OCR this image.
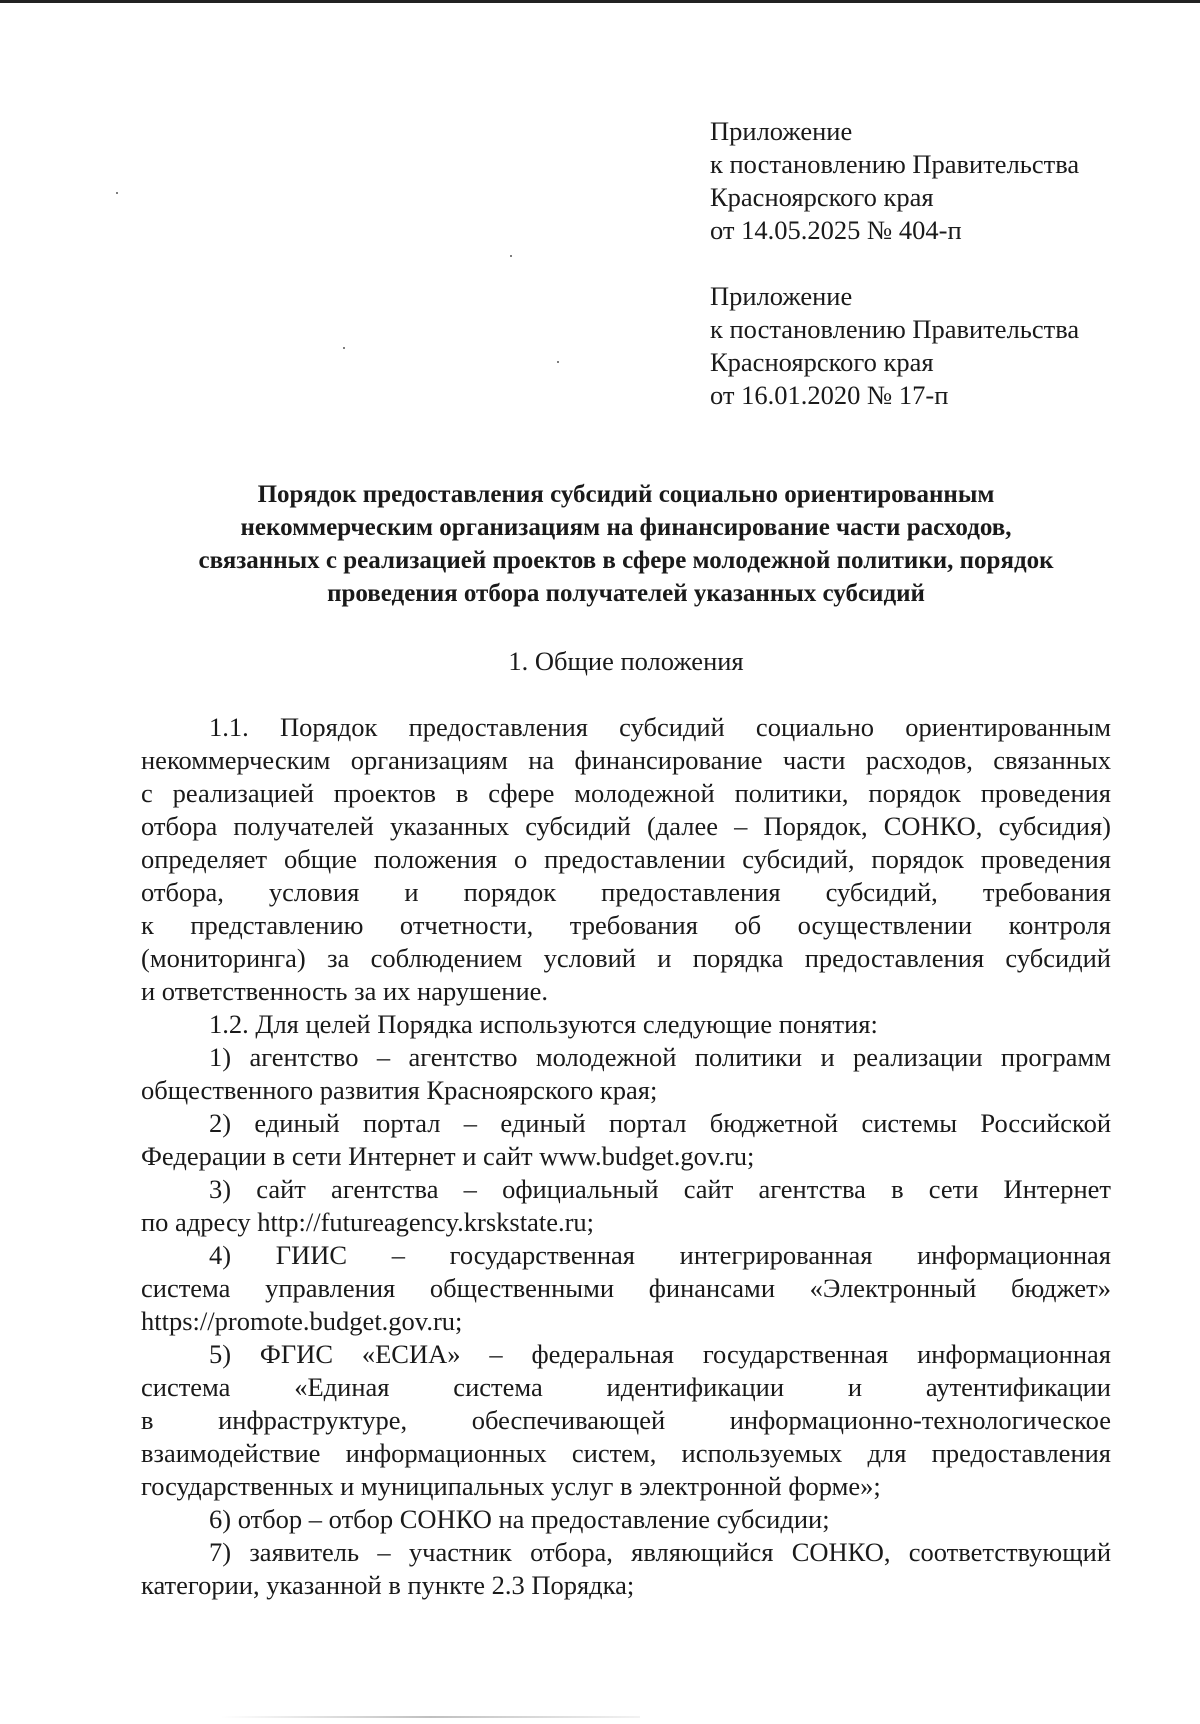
Приложение
к постановлению Правительства
Красноярского края
от 14.05.2025 № 404-п
Приложение
к постановлению Правительства
Красноярского края
от 16.01.2020 № 17-п
Порядок предоставления субсидий социально ориентированным
некоммерческим организациям на финансирование части расходов,
связанных с реализацией проектов в сфере молодежной политики, порядок
проведения отбора получателей указанных субсидий
1. Общие положения
1.1. Порядок предоставления субсидий социально ориентированным
некоммерческим организациям на финансирование части расходов, связанных
с реализацией проектов в сфере молодежной политики, порядок проведения
отбора получателей указанных субсидий (далее – Порядок, СОНКО, субсидия)
определяет общие положения о предоставлении субсидий, порядок проведения
отбора, условия и порядок предоставления субсидий, требования
к представлению отчетности, требования об осуществлении контроля
(мониторинга) за соблюдением условий и порядка предоставления субсидий
и ответственность за их нарушение.
1.2. Для целей Порядка используются следующие понятия:
1) агентство – агентство молодежной политики и реализации программ
общественного развития Красноярского края;
2) единый портал – единый портал бюджетной системы Российской
Федерации в сети Интернет и сайт www.budget.gov.ru;
3) сайт агентства – официальный сайт агентства в сети Интернет
по адресу http://futureagency.krskstate.ru;
4) ГИИС – государственная интегрированная информационная
система управления общественными финансами «Электронный бюджет»
https://promote.budget.gov.ru;
5) ФГИС «ЕСИА» – федеральная государственная информационная
система «Единая система идентификации и аутентификации
в инфраструктуре, обеспечивающей информационно-технологическое
взаимодействие информационных систем, используемых для предоставления
государственных и муниципальных услуг в электронной форме»;
6) отбор – отбор СОНКО на предоставление субсидии;
7) заявитель – участник отбора, являющийся СОНКО, соответствующий
категории, указанной в пункте 2.3 Порядка;
